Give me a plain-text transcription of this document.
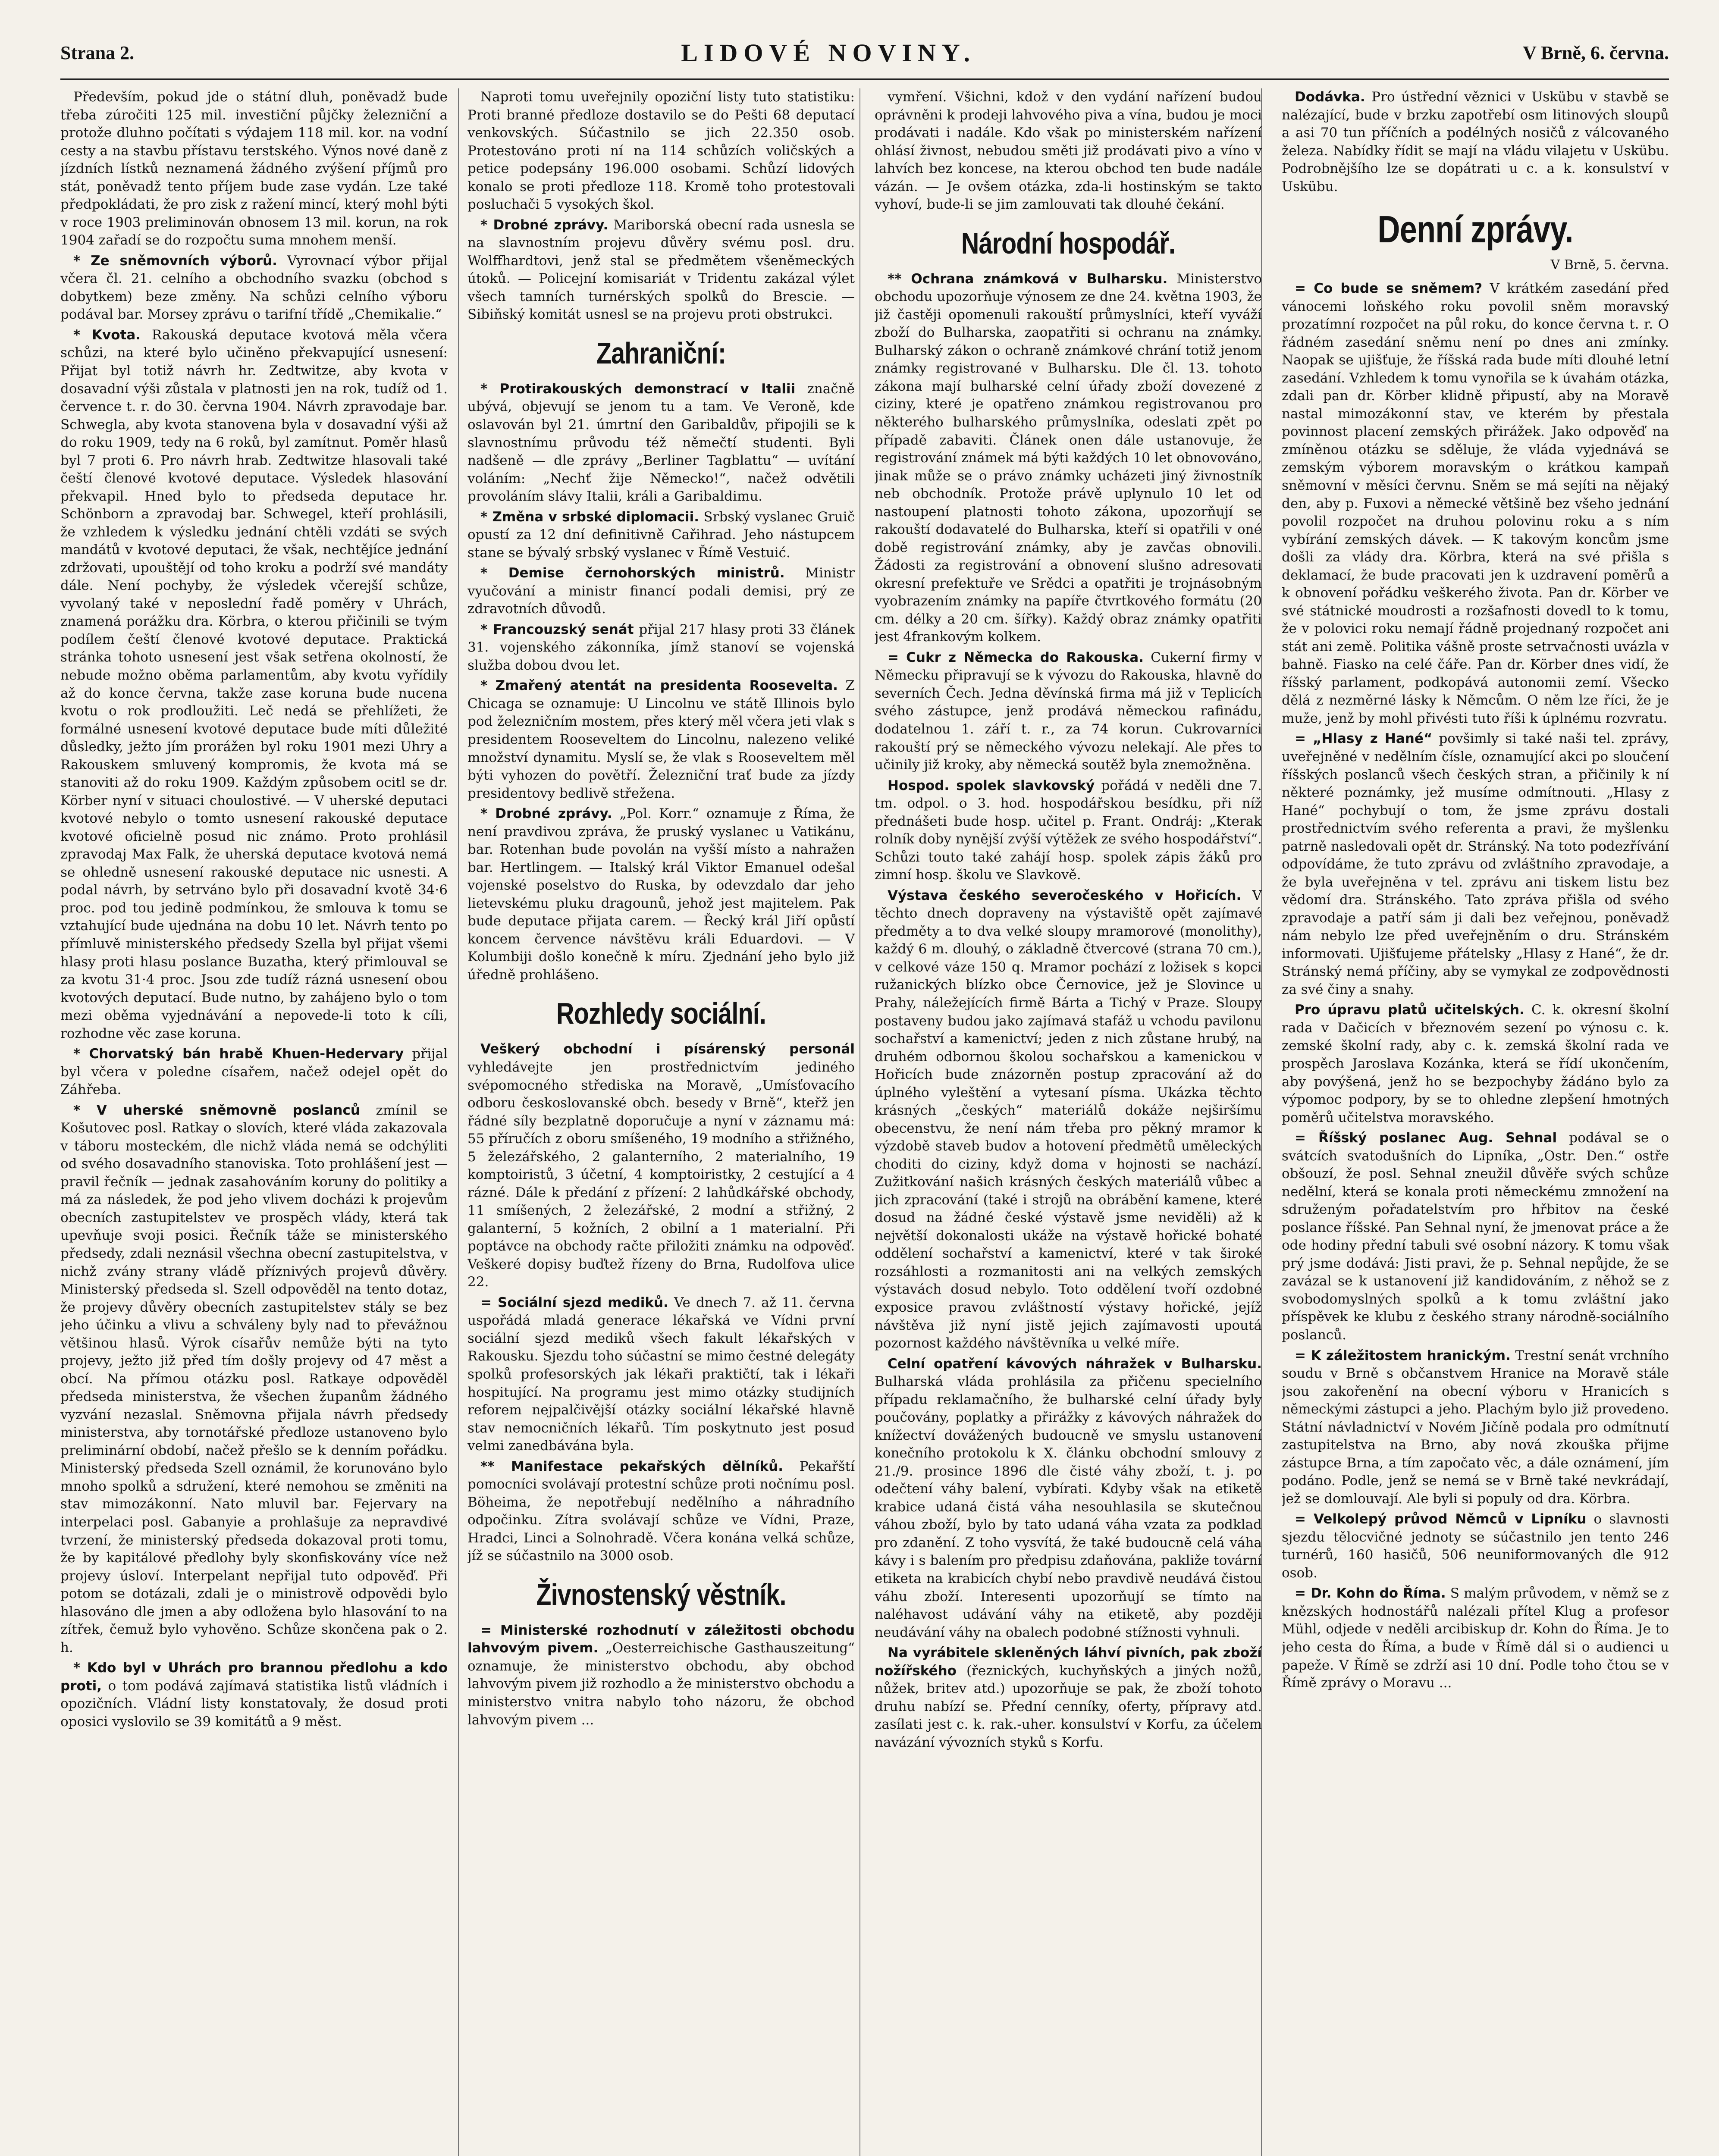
Strana 2.	LIDOVÉ NOVINY.	V Brně, 6. června.

Především, pokud jde o státní dluh, poněvadž bude třeba zúročiti 125 mil. investiční půjčky železniční a protože dluhno počítati s výdajem 118 mil. kor. na vodní cesty a na stavbu přístavu terstského. Výnos nové daně z jízdních lístků neznamená žádného zvýšení příjmů pro stát, poněvadž tento příjem bude zase vydán. Lze také předpokládati, že pro zisk z ražení mincí, který mohl býti v roce 1903 preliminován obnosem 13 mil. korun, na rok 1904 zařadí se do rozpočtu suma mnohem menší.

* Ze sněmovních výborů. Vyrovnací výbor přijal včera čl. 21. celního a obchodního svazku (obchod s dobytkem) beze změny. Na schůzi celního výboru podával bar. Morsey zprávu o tarifní třídě „Chemikalie.“

* Kvota. Rakouská deputace kvotová měla včera schůzi, na které bylo učiněno překvapující usnesení: Přijat byl totiž návrh hr. Zedtwitze, aby kvota v dosavadní výši zůstala v platnosti jen na rok, tudíž od 1. července t. r. do 30. června 1904. Návrh zpravodaje bar. Schwegla, aby kvota stanovena byla v dosavadní výši až do roku 1909, tedy na 6 roků, byl zamítnut. Poměr hlasů byl 7 proti 6. Pro návrh hrab. Zedtwitze hlasovali také čeští členové kvotové deputace. Výsledek hlasování překvapil. Hned bylo to předseda deputace hr. Schönborn a zpravodaj bar. Schwegel, kteří prohlásili, že vzhledem k výsledku jednání chtěli vzdáti se svých mandátů v kvotové deputaci, že však, nechtějíce jednání zdržovati, upouštějí od toho kroku a podrží své mandáty dále. Není pochyby, že výsledek včerejší schůze, vyvolaný také v neposlední řadě poměry v Uhrách, znamená porážku dra. Körbra, o kterou přičinili se tvým podílem čeští členové kvotové deputace. Praktická stránka tohoto usnesení jest však setřena okolností, že nebude možno oběma parlamentům, aby kvotu vyřídily až do konce června, takže zase koruna bude nucena kvotu o rok prodloužiti. Leč nedá se přehlížeti, že formálné usnesení kvotové deputace bude míti důležité důsledky, ježto jím prorážen byl roku 1901 mezi Uhry a Rakouskem smluvený kompromis, že kvota má se stanoviti až do roku 1909. Každým způsobem ocitl se dr. Körber nyní v situaci choulostivé. — V uherské deputaci kvotové nebylo o tomto usnesení rakouské deputace kvotové oficielně posud nic známo. Proto prohlásil zpravodaj Max Falk, že uherská deputace kvotová nemá se ohledně usnesení rakouské deputace nic usnesti. A podal návrh, by setrváno bylo při dosavadní kvotě 34·6 proc. pod tou jedině podmínkou, že smlouva k tomu se vztahující bude ujednána na dobu 10 let. Návrh tento po přímluvě ministerského předsedy Szella byl přijat všemi hlasy proti hlasu poslance Buzatha, který přimlouval se za kvotu 31·4 proc. Jsou zde tudíž rázná usnesení obou kvotových deputací. Bude nutno, by zahájeno bylo o tom mezi oběma vyjednávání a nepovede-li toto k cíli, rozhodne věc zase koruna.

* Chorvatský bán hrabě Khuen-Hedervary přijal byl včera v poledne císařem, načež odejel opět do Záhřeba.

* V uherské sněmovně poslanců zmínil se Košutovec posl. Ratkay o slovích, které vláda zakazovala v táboru mosteckém, dle nichž vláda nemá se odchýliti od svého dosavadního stanoviska. Toto prohlášení jest — pravil řečník — jednak zasahováním koruny do politiky a má za následek, že pod jeho vlivem docházi k projevům obecních zastupitelstev ve prospěch vlády, která tak upevňuje svoji posici. Řečník táže se ministerského předsedy, zdali neznásil všechna obecní zastupitelstva, v nichž zvány strany vládě příznivých projevů důvěry. Ministerský předseda sl. Szell odpověděl na tento dotaz, že projevy důvěry obecních zastupitelstev stály se bez jeho účinku a vlivu a schváleny byly nad to převážnou většinou hlasů. Výrok císařův nemůže býti na tyto projevy, ježto již před tím došly projevy od 47 měst a obcí. Na přímou otázku posl. Ratkaye odpověděl předseda ministerstva, že všechen županům žádného vyzvání nezaslal. Sněmovna přijala návrh předsedy ministerstva, aby tornotářské předloze ustanoveno bylo preliminární období, načež přešlo se k denním pořádku. Ministerský předseda Szell oznámil, že korunováno bylo mnoho spolků a sdružení, které nemohou se změniti na stav mimozákonní. Nato mluvil bar. Fejervary na interpelaci posl. Gabanyie a prohlašuje za nepravdivé tvrzení, že ministerský předseda dokazoval proti tomu, že by kapitálové předlohy byly skonfiskovány více než projevy úsloví. Interpelant nepřijal tuto odpověď. Při potom se dotázali, zdali je o ministrově odpovědi bylo hlasováno dle jmen a aby odložena bylo hlasování to na zítřek, čemuž bylo vyhověno. Schůze skončena pak o 2. h.

* Kdo byl v Uhrách pro brannou předlohu a kdo proti, o tom podává zajímavá statistika listů vládních i opozičních. Vládní listy konstatovaly, že dosud proti oposici vyslovilo se 39 komitátů a 9 měst.

Naproti tomu uveřejnily opoziční listy tuto statistiku: Proti branné předloze dostavilo se do Pešti 68 deputací venkovských. Súčastnilo se jich 22.350 osob. Protestováno proti ní na 114 schůzích voličských a petice podepsány 196.000 osobami. Schůzí lidových konalo se proti předloze 118. Kromě toho protestovali posluchači 5 vysokých škol.

* Drobné zprávy. Mariborská obecní rada usnesla se na slavnostním projevu důvěry svému posl. dru. Wolffhardtovi, jenž stal se předmětem všeněmeckých útoků. — Policejní komisariát v Tridentu zakázal výlet všech tamních turnérských spolků do Brescie. — Sibiňský komitát usnesl se na projevu proti obstrukci.

Zahraniční:

* Protirakouských demonstrací v Italii značně ubývá, objevují se jenom tu a tam. Ve Veroně, kde oslavován byl 21. úmrtní den Garibaldův, připojili se k slavnostnímu průvodu též němečtí studenti. Byli nadšeně — dle zprávy „Berliner Tagblattu“ — uvítání voláním: „Nechť žije Německo!“, načež odvětili provoláním slávy Italii, králi a Garibaldimu.

* Změna v srbské diplomacii. Srbský vyslanec Gruič opustí za 12 dní definitivně Cařihrad. Jeho nástupcem stane se bývalý srbský vyslanec v Římě Vestuić.

* Demise černohorských ministrů. Ministr vyučování a ministr financí podali demisi, prý ze zdravotních důvodů.

* Francouzský senát přijal 217 hlasy proti 33 článek 31. vojenského zákonníka, jímž stanoví se vojenská služba dobou dvou let.

* Zmařený atentát na presidenta Roosevelta. Z Chicaga se oznamuje: U Lincolnu ve státě Illinois bylo pod železničním mostem, přes který měl včera jeti vlak s presidentem Rooseveltem do Lincolnu, nalezeno veliké množství dynamitu. Myslí se, že vlak s Rooseveltem měl býti vyhozen do povětří. Železniční trať bude za jízdy presidentovy bedlivě střežena.

* Drobné zprávy. „Pol. Korr.“ oznamuje z Říma, že není pravdivou zpráva, že pruský vyslanec u Vatikánu, bar. Rotenhan bude povolán na vyšší místo a nahražen bar. Hertlingem. — Italský král Viktor Emanuel odešal vojenské poselstvo do Ruska, by odevzdalo dar jeho lietevskému pluku dragounů, jehož jest majitelem. Pak bude deputace přijata carem. — Řecký král Jiří opůstí koncem července návštěvu králi Eduardovi. — V Kolumbiji došlo konečně k míru. Zjednání jeho bylo již úředně prohlášeno.

Rozhledy sociální.

Veškerý obchodní i písárenský personál vyhledávejte jen prostřednictvím jediného svépomocného střediska na Moravě, „Umísťovacího odboru českoslovanské obch. besedy v Brně“, kteřž jen řádné síly bezplatně doporučuje a nyní v záznamu má: 55 příručích z oboru smíšeného, 19 modního a střižného, 5 železářského, 2 galanterního, 2 materialního, 19 komptoiristů, 3 účetní, 4 komptoiristky, 2 cestující a 4 rázné. Dále k předání z přízení: 2 lahůdkářské obchody, 11 smíšených, 2 železářské, 2 modní a střižný, 2 galanterní, 5 kožních, 2 obilní a 1 materialní. Při poptávce na obchody račte přiložiti známku na odpověď. Veškeré dopisy buďtež řízeny do Brna, Rudolfova ulice 22.

= Sociální sjezd mediků. Ve dnech 7. až 11. června uspořádá mladá generace lékařská ve Vídni první sociální sjezd mediků všech fakult lékařských v Rakousku. Sjezdu toho súčastní se mimo čestné delegáty spolků profesorských jak lékaři praktičtí, tak i lékaři hospitující. Na programu jest mimo otázky studijních reforem nejpalčivější otázky sociální lékařské hlavně stav nemocničních lékařů. Tím poskytnuto jest posud velmi zanedbávána byla.

** Manifestace pekařských dělníků. Pekařští pomocníci svolávají protestní schůze proti nočnímu posl. Böheima, že nepotřebují nedělního a náhradního odpočinku. Zítra svolávají schůze ve Vídni, Praze, Hradci, Linci a Solnohradě. Včera konána velká schůze, jíž se súčastnilo na 3000 osob.

Živnostenský věstník.

= Ministerské rozhodnutí v záležitosti obchodu lahvovým pivem. „Oesterreichische Gasthauszeitung“ oznamuje, že ministerstvo obchodu, aby obchod lahvovým pivem již rozhodlo a že ministerstvo obchodu a ministerstvo vnitra nabylo toho názoru, že obchod lahvovým pivem ...

vymření. Všichni, kdož v den vydání nařízení budou oprávněni k prodeji lahvového piva a vína, budou je moci prodávati i nadále. Kdo však po ministerském nařízení ohlásí živnost, nebudou směti již prodávati pivo a víno v lahvích bez koncese, na kterou obchod ten bude nadále vázán. — Je ovšem otázka, zda-li hostinským se takto vyhoví, bude-li se jim zamlouvati tak dlouhé čekání.

Národní hospodář.

** Ochrana známková v Bulharsku. Ministerstvo obchodu upozorňuje výnosem ze dne 24. května 1903, že již častěji opomenuli rakouští průmyslníci, kteří vyváží zboží do Bulharska, zaopatřiti si ochranu na známky. Bulharský zákon o ochraně známkové chrání totiž jenom známky registrované v Bulharsku. Dle čl. 13. tohoto zákona mají bulharské celní úřady zboží dovezené z ciziny, které je opatřeno známkou registrovanou pro některého bulharského průmyslníka, odeslati zpět po případě zabaviti. Článek onen dále ustanovuje, že registrování známek má býti každých 10 let obnovováno, jinak může se o právo známky ucházeti jiný živnostník neb obchodník. Protože právě uplynulo 10 let od nastoupení platnosti tohoto zákona, upozorňují se rakouští dodavatelé do Bulharska, kteří si opatřili v oné době registrování známky, aby je zavčas obnovili. Žádosti za registrování a obnovení slušno adresovati okresní prefektuře ve Srědci a opatřiti je trojnásobným vyobrazením známky na papíře čtvrtkového formátu (20 cm. délky a 20 cm. šířky). Každý obraz známky opatřiti jest 4frankovým kolkem.

= Cukr z Německa do Rakouska. Cukerní firmy v Německu připravují se k vývozu do Rakouska, hlavně do severních Čech. Jedna děvínská firma má již v Teplicích svého zástupce, jenž prodává německou rafinádu, dodatelnou 1. září t. r., za 74 korun. Cukrovarníci rakouští prý se německého vývozu nelekají. Ale přes to učinily již kroky, aby německá soutěž byla znemožněna.

Hospod. spolek slavkovský pořádá v neděli dne 7. tm. odpol. o 3. hod. hospodářskou besídku, při níž přednášeti bude hosp. učitel p. Frant. Ondráj: „Kterak rolník doby nynější zvýší výtěžek ze svého hospodářství“. Schůzi touto také zahájí hosp. spolek zápis žáků pro zimní hosp. školu ve Slavkově.

Výstava českého severočeského v Hořicích. V těchto dnech dopraveny na výstaviště opět zajímavé předměty a to dva velké sloupy mramorové (monolithy), každý 6 m. dlouhý, o základně čtvercové (strana 70 cm.), v celkové váze 150 q. Mramor pochází z ložisek s kopci ružanických blízko obce Černovice, jež je Slovince u Prahy, náležejících firmě Bárta a Tichý v Praze. Sloupy postaveny budou jako zajímavá stafáž u vchodu pavilonu sochařství a kamenictví; jeden z nich zůstane hrubý, na druhém odbornou školou sochařskou a kamenickou v Hořicích bude znázorněn postup zpracování až do úplného vyleštění a vytesaní písma. Ukázka těchto krásných „českých“ materiálů dokáže nejširšímu obecenstvu, že není nám třeba pro pěkný mramor k výzdobě staveb budov a hotovení předmětů uměleckých choditi do ciziny, když doma v hojnosti se nachází. Zužitkování našich krásných českých materiálů vůbec a jich zpracování (také i strojů na obrábění kamene, které dosud na žádné české výstavě jsme neviděli) až k největší dokonalosti ukáže na výstavě hořické bohaté oddělení sochařství a kamenictví, které v tak široké rozsáhlosti a rozmanitosti ani na velkých zemských výstavách dosud nebylo. Toto oddělení tvoří ozdobné exposice pravou zvláštností výstavy hořické, jejíž návštěva již nyní jistě jejich zajímavosti upoutá pozornost každého návštěvníka u velké míře.

Celní opatření kávových náhražek v Bulharsku. Bulharská vláda prohlásila za přičenu specielního případu reklamačního, že bulharské celní úřady byly poučovány, poplatky a přirážky z kávových náhražek do knížectví dovážených budoucně ve smyslu ustanovení konečního protokolu k X. článku obchodní smlouvy z 21./9. prosince 1896 dle čisté váhy zboží, t. j. po odečtení váhy balení, vybírati. Kdyby však na etiketě krabice udaná čistá váha nesouhlasila se skutečnou váhou zboží, bylo by tato udaná váha vzata za podklad pro zdanění. Z toho vysvítá, že také budoucně celá váha kávy i s balením pro předpisu zdaňována, pakliže tovární etiketa na krabicích chybí nebo pravdivě neudává čistou váhu zboží. Interesenti upozorňují se tímto na naléhavost udávání váhy na etiketě, aby později neudávání váhy na obalech podobné stížnosti vyhnuli.

Na vyrábitele skleněných láhví pivních, pak zboží nožířského (řeznických, kuchyňských a jiných nožů, nůžek, britev atd.) upozorňuje se pak, že zboží tohoto druhu nabízí se. Přední cenníky, oferty, přípravy atd. zasílati jest c. k. rak.-uher. konsulství v Korfu, za účelem navázání vývozních styků s Korfu.

Dodávka. Pro ústřední věznici v Uskübu v stavbě se nalézající, bude v brzku zapotřebí osm litinových sloupů a asi 70 tun příčních a podélných nosičů z válcovaného železa. Nabídky řídit se mají na vládu vilajetu v Uskübu. Podrobnějšího lze se dopátrati u c. a k. konsulství v Uskübu.

Denní zprávy.
V Brně, 5. června.

= Co bude se sněmem? V krátkém zasedání před vánocemi loňského roku povolil sněm moravský prozatímní rozpočet na půl roku, do konce června t. r. O řádném zasedání sněmu není po dnes ani zmínky. Naopak se ujišťuje, že říšská rada bude míti dlouhé letní zasedání. Vzhledem k tomu vynořila se k úvahám otázka, zdali pan dr. Körber klidně připustí, aby na Moravě nastal mimozákonní stav, ve kterém by přestala povinnost placení zemských přirážek. Jako odpověď na zmíněnou otázku se sděluje, že vláda vyjednává se zemským výborem moravským o krátkou kampaň sněmovní v měsíci červnu. Sněm se má sejíti na nějaký den, aby p. Fuxovi a německé většině bez všeho jednání povolil rozpočet na druhou polovinu roku a s ním vybírání zemských dávek. — K takovým koncům jsme došli za vlády dra. Körbra, která na své přišla s deklamací, že bude pracovati jen k uzdravení poměrů a k obnovení pořádku veškerého života. Pan dr. Körber ve své státnické moudrosti a rozšafnosti dovedl to k tomu, že v polovici roku nemají řádně projednaný rozpočet ani stát ani země. Politika vášně proste setrvačnosti uvázla v bahně. Fiasko na celé čáře. Pan dr. Körber dnes vidí, že říšský parlament, podkopává autonomii zemí. Všecko dělá z nezměrné lásky k Němcům. O něm lze říci, že je muže, jenž by mohl přivésti tuto říši k úplnému rozvratu.

= „Hlasy z Hané“ povšimly si také naši tel. zprávy, uveřejněné v nedělním čísle, oznamující akci po sloučení říšských poslanců všech českých stran, a přičinily k ní některé poznámky, jež musíme odmítnouti. „Hlasy z Hané“ pochybují o tom, že jsme zprávu dostali prostřednictvím svého referenta a pravi, že myšlenku patrně nasledovali opět dr. Stránský. Na toto podezřívání odpovídáme, že tuto zprávu od zvláštního zpravodaje, a že byla uveřejněna v tel. zprávu ani tiskem listu bez vědomí dra. Stránského. Tato zpráva přišla od svého zpravodaje a patří sám ji dali bez veřejnou, poněvadž nám nebylo lze před uveřejněním o dru. Stránském informovati. Ujišťujeme přátelsky „Hlasy z Hané“, že dr. Stránský nemá příčiny, aby se vymykal ze zodpovědnosti za své činy a snahy.

Pro úpravu platů učitelských. C. k. okresní školní rada v Dačicích v březnovém sezení po výnosu c. k. zemské školní rady, aby c. k. zemská školní rada ve prospěch Jaroslava Kozánka, která se řídí ukončením, aby povýšená, jenž ho se bezpochyby žádáno bylo za výpomoc podpory, by se to ohledne zlepšení hmotných poměrů učitelstva moravského.

= Říšský poslanec Aug. Sehnal podával se o svátcích svatodušních do Lipníka, „Ostr. Den.“ ostře obšouzí, že posl. Sehnal zneužil důvěře svých schůze nedělní, která se konala proti německému zmnožení na sdruženým pořadatelstvím pro hřbitov na české poslance říšské. Pan Sehnal nyní, že jmenovat práce a že ode hodiny přední tabuli své osobní názory. K tomu však prý jsme dodává: Jisti pravi, že p. Sehnal nepůjde, že se zavázal se k ustanovení již kandidováním, z něhož se z svobodomyslných spolků a k tomu zvláštní jako příspěvek ke klubu z českého strany národně-sociálního poslanců.

= K záležitostem hranickým. Trestní senát vrchního soudu v Brně s občanstvem Hranice na Moravě stále jsou zakořenění na obecní výboru v Hranicích s německými zástupci a jeho. Plachým bylo již provedeno. Státní návladnictví v Novém Jičíně podala pro odmítnutí zastupitelstva na Brno, aby nová zkouška přijme zástupce Brna, a tím započato věc, a dále oznámení, jím podáno. Podle, jenž se nemá se v Brně také nevkrádají, jež se domlouvají. Ale byli si populy od dra. Körbra.

= Velkolepý průvod Němců v Lipníku o slavnosti sjezdu tělocvičné jednoty se súčastnilo jen tento 246 turnérů, 160 hasičů, 506 neuniformovaných dle 912 osob.

= Dr. Kohn do Říma. S malým průvodem, v němž se z knězských hodnostářů nalézali přítel Klug a profesor Mühl, odjede v neděli arcibiskup dr. Kohn do Říma. Je to jeho cesta do Říma, a bude v Římě dál si o audienci u papeže. V Římě se zdrží asi 10 dní. Podle toho čtou se v Římě zprávy o Moravu ...
